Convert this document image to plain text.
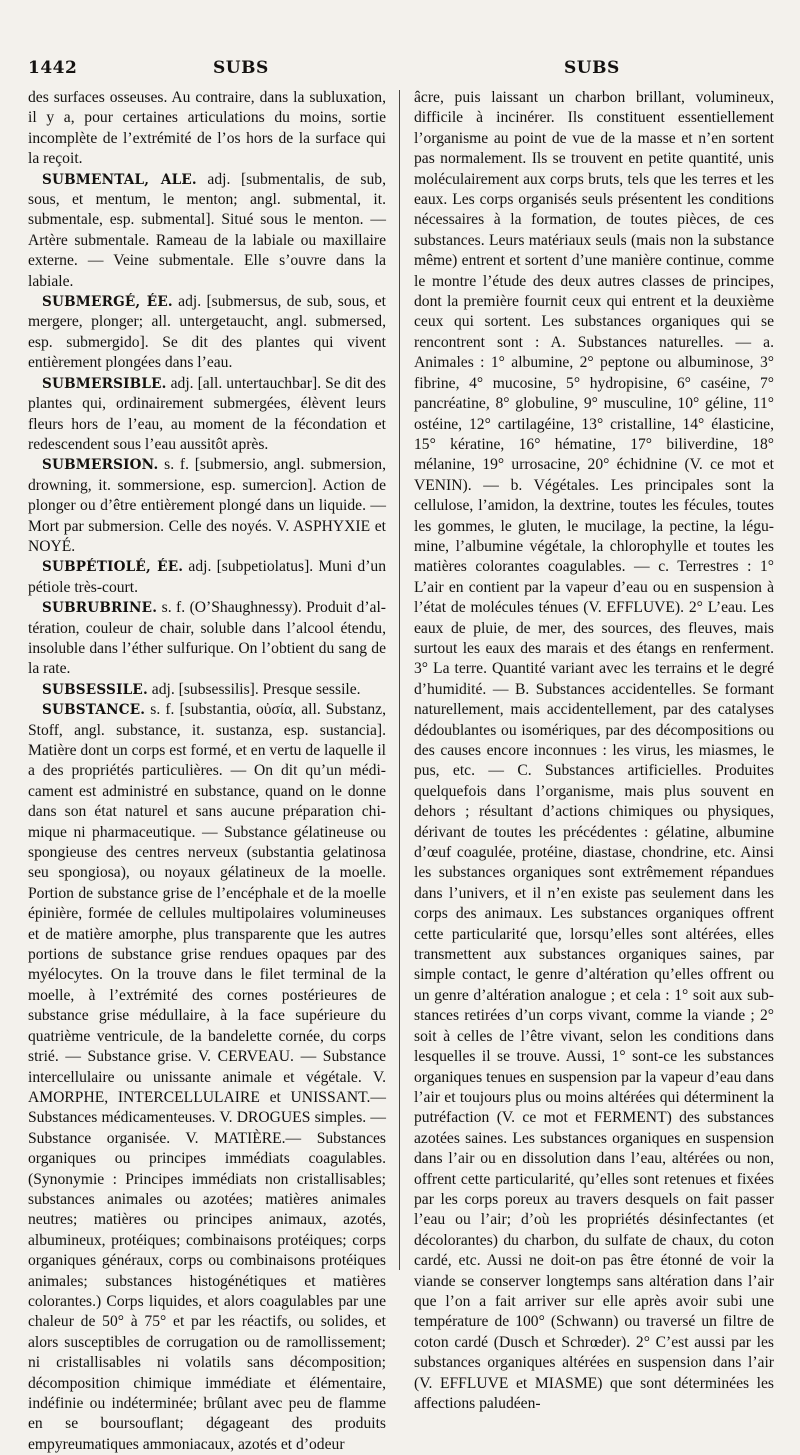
1442	SUBS	SUBS

des surfaces osseuses. Au contraire, dans la subluxation, il y a, pour certaines articulations du moins, sortie incomplète de l’extrémité de l’os hors de la surface qui la reçoit.

SUBMENTAL, ALE. adj. [submentalis, de sub, sous, et mentum, le menton; angl. submental, it. submentale, esp. submental]. Situé sous le menton. — Artère submentale. Rameau de la labiale ou maxillaire externe. — Veine submentale. Elle s’ouvre dans la labiale.

SUBMERGÉ, ÉE. adj. [submersus, de sub, sous, et mergere, plonger; all. untergetaucht, angl. submersed, esp. submergido]. Se dit des plantes qui vivent entièrement plongées dans l’eau.

SUBMERSIBLE. adj. [all. untertauchbar]. Se dit des plantes qui, ordinairement submergées, élèvent leurs fleurs hors de l’eau, au moment de la fécondation et redescendent sous l’eau aussitôt après.

SUBMERSION. s. f. [submersio, angl. submersion, drowning, it. sommersione, esp. sumercion]. Action de plonger ou d’être entièrement plongé dans un liquide. — Mort par submersion. Celle des noyés. V. ASPHYXIE et NOYÉ.

SUBPÉTIOLÉ, ÉE. adj. [subpetiolatus]. Muni d’un pétiole très-court.

SUBRUBRINE. s. f. (O’Shaughnessy). Produit d’altération, couleur de chair, soluble dans l’alcool étendu, insoluble dans l’éther sulfurique. On l’obtient du sang de la rate.

SUBSESSILE. adj. [subsessilis]. Presque sessile.

SUBSTANCE. s. f. [substantia, οὐσία, all. Substanz, Stoff, angl. substance, it. sustanza, esp. sustancia]. Matière dont un corps est formé, et en vertu de laquelle il a des propriétés particulières. — On dit qu’un médicament est administré en substance, quand on le donne dans son état naturel et sans aucune préparation chimique ni pharmaceutique. — Substance gélatineuse ou spongieuse des centres nerveux (substantia gelatinosa seu spongiosa), ou noyaux gélatineux de la moelle. Portion de substance grise de l’encéphale et de la moelle épinière, formée de cellules multipolaires volumineuses et de matière amorphe, plus transparente que les autres portions de substance grise rendues opaques par des myélocytes. On la trouve dans le filet terminal de la moelle, à l’extrémité des cornes postérieures de substance grise médullaire, à la face supérieure du quatrième ventricule, de la bandelette cornée, du corps strié. — Substance grise. V. CERVEAU. — Substance intercellulaire ou unissante animale et végétale. V. AMORPHE, INTERCELLULAIRE et UNISSANT.— Substances médicamenteuses. V. DROGUES simples. — Substance organisée. V. MATIÈRE.— Substances organiques ou principes immédiats coagulables. (Synonymie : Principes immédiats non cristallisables; substances animales ou azotées; matières animales neutres; matières ou principes animaux, azotés, albumineux, protéiques; combinaisons protéiques; corps organiques généraux, corps ou combinaisons protéiques animales; substances histogénétiques et matières colorantes.) Corps liquides, et alors coagulables par une chaleur de 50° à 75° et par les réactifs, ou solides, et alors susceptibles de corrugation ou de ramollissement; ni cristallisables ni volatils sans décomposition; décomposition chimique immédiate et élémentaire, indéfinie ou indéterminée; brûlant avec peu de flamme en se boursouflant; dégageant des produits empyreumatiques ammoniacaux, azotés et d’odeur

âcre, puis laissant un charbon brillant, volumineux, difficile à incinérer. Ils constituent essentiellement l’organisme au point de vue de la masse et n’en sortent pas normalement. Ils se trouvent en petite quantité, unis moléculairement aux corps bruts, tels que les terres et les eaux. Les corps organisés seuls présentent les conditions nécessaires à la formation, de toutes pièces, de ces substances. Leurs matériaux seuls (mais non la substance même) entrent et sortent d’une manière continue, comme le montre l’étude des deux autres classes de principes, dont la première fournit ceux qui entrent et la deuxième ceux qui sortent. Les substances organiques qui se rencontrent sont : A. Substances naturelles. — a. Animales : 1° albumine, 2° peptone ou albuminose, 3° fibrine, 4° mucosine, 5° hydropisine, 6° caséine, 7° pancréatine, 8° globuline, 9° musculine, 10° géline, 11° ostéine, 12° cartilagéine, 13° cristalline, 14° élasticine, 15° kératine, 16° hématine, 17° biliverdine, 18° mélanine, 19° urrosacine, 20° échidnine (V. ce mot et VENIN). — b. Végétales. Les principales sont la cellulose, l’amidon, la dextrine, toutes les fécules, toutes les gommes, le gluten, le mucilage, la pectine, la légumine, l’albumine végétale, la chlorophylle et toutes les matières colorantes coagulables. — c. Terrestres : 1° L’air en contient par la vapeur d’eau ou en suspension à l’état de molécules ténues (V. EFFLUVE). 2° L’eau. Les eaux de pluie, de mer, des sources, des fleuves, mais surtout les eaux des marais et des étangs en renferment. 3° La terre. Quantité variant avec les terrains et le degré d’humidité. — B. Substances accidentelles. Se formant naturellement, mais accidentellement, par des catalyses dédoublantes ou isomériques, par des décompositions ou des causes encore inconnues : les virus, les miasmes, le pus, etc. — C. Substances artificielles. Produites quelquefois dans l’organisme, mais plus souvent en dehors ; résultant d’actions chimiques ou physiques, dérivant de toutes les précédentes : gélatine, albumine d’œuf coagulée, protéine, diastase, chondrine, etc. Ainsi les substances organiques sont extrêmement répandues dans l’univers, et il n’en existe pas seulement dans les corps des animaux. Les substances organiques offrent cette particularité que, lorsqu’elles sont altérées, elles transmettent aux substances organiques saines, par simple contact, le genre d’altération qu’elles offrent ou un genre d’altération analogue ; et cela : 1° soit aux substances retirées d’un corps vivant, comme la viande ; 2° soit à celles de l’être vivant, selon les conditions dans lesquelles il se trouve. Aussi, 1° sont-ce les substances organiques tenues en suspension par la vapeur d’eau dans l’air et toujours plus ou moins altérées qui déterminent la putréfaction (V. ce mot et FERMENT) des substances azotées saines. Les substances organiques en suspension dans l’air ou en dissolution dans l’eau, altérées ou non, offrent cette particularité, qu’elles sont retenues et fixées par les corps poreux au travers desquels on fait passer l’eau ou l’air; d’où les propriétés désinfectantes (et décolorantes) du charbon, du sulfate de chaux, du coton cardé, etc. Aussi ne doit-on pas être étonné de voir la viande se conserver longtemps sans altération dans l’air que l’on a fait arriver sur elle après avoir subi une température de 100° (Schwann) ou traversé un filtre de coton cardé (Dusch et Schrœder). 2° C’est aussi par les substances organiques altérées en suspension dans l’air (V. EFFLUVE et MIASME) que sont déterminées les affections paludéen-
